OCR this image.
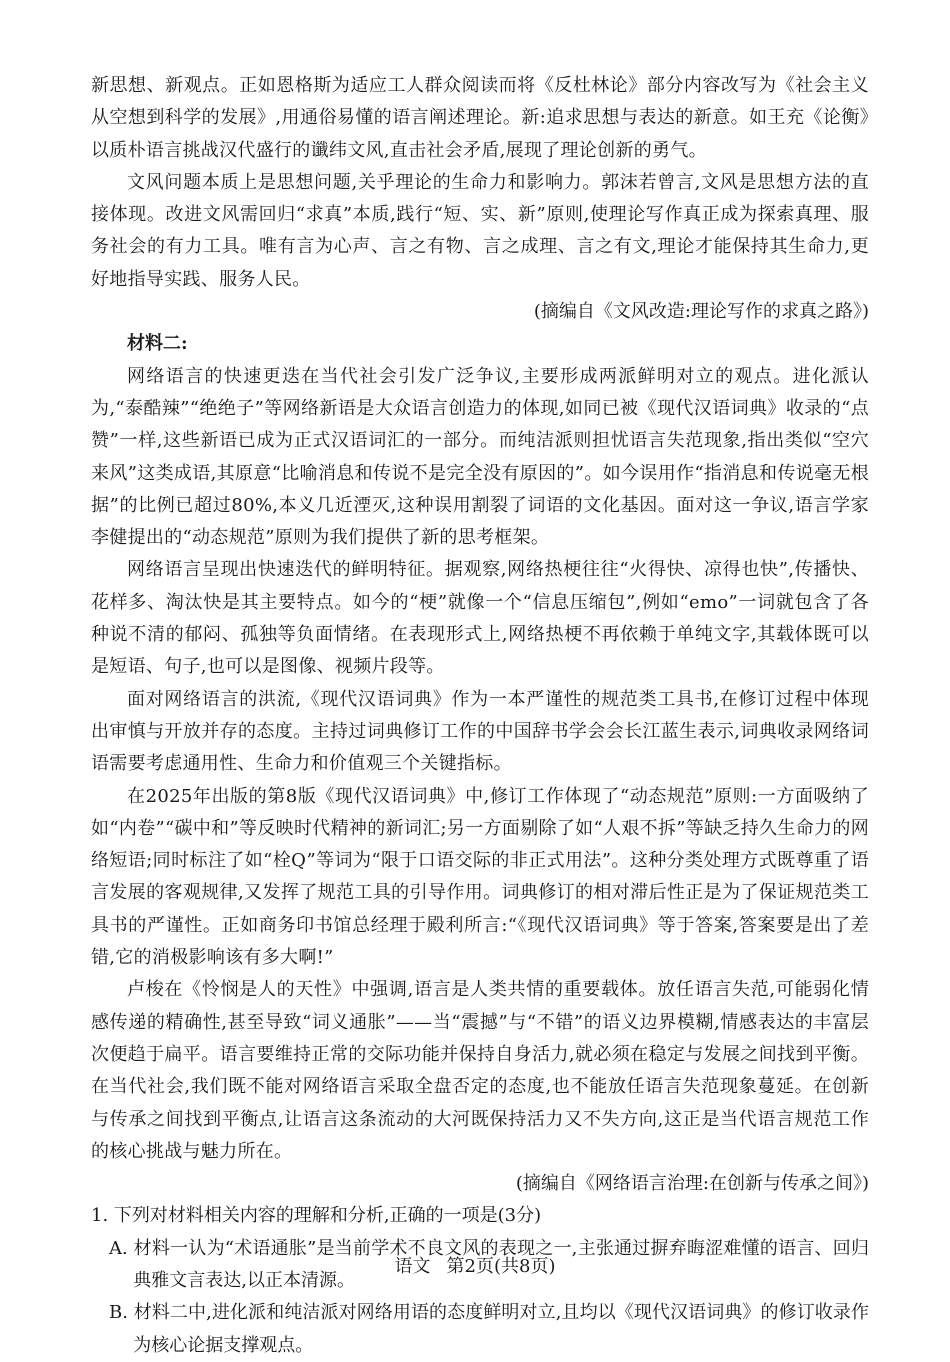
新思想、新观点。正如恩格斯为适应工人群众阅读而将《反杜林论》部分内容改写为《社会主义从空想到科学的发展》,用通俗易懂的语言阐述理论。新:追求思想与表达的新意。如王充《论衡》以质朴语言挑战汉代盛行的谶纬文风,直击社会矛盾,展现了理论创新的勇气。

文风问题本质上是思想问题,关乎理论的生命力和影响力。郭沫若曾言,文风是思想方法的直接体现。改进文风需回归“求真”本质,践行“短、实、新”原则,使理论写作真正成为探索真理、服务社会的有力工具。唯有言为心声、言之有物、言之成理、言之有文,理论才能保持其生命力,更好地指导实践、服务人民。

(摘编自《文风改造:理论写作的求真之路》)

材料二:

网络语言的快速更迭在当代社会引发广泛争议,主要形成两派鲜明对立的观点。进化派认为,“泰酷辣”“绝绝子”等网络新语是大众语言创造力的体现,如同已被《现代汉语词典》收录的“点赞”一样,这些新语已成为正式汉语词汇的一部分。而纯洁派则担忧语言失范现象,指出类似“空穴来风”这类成语,其原意“比喻消息和传说不是完全没有原因的”。如今误用作“指消息和传说毫无根据”的比例已超过80%,本义几近湮灭,这种误用割裂了词语的文化基因。面对这一争议,语言学家李健提出的“动态规范”原则为我们提供了新的思考框架。

网络语言呈现出快速迭代的鲜明特征。据观察,网络热梗往往“火得快、凉得也快”,传播快、花样多、淘汰快是其主要特点。如今的“梗”就像一个“信息压缩包”,例如“emo”一词就包含了各种说不清的郁闷、孤独等负面情绪。在表现形式上,网络热梗不再依赖于单纯文字,其载体既可以是短语、句子,也可以是图像、视频片段等。

面对网络语言的洪流,《现代汉语词典》作为一本严谨性的规范类工具书,在修订过程中体现出审慎与开放并存的态度。主持过词典修订工作的中国辞书学会会长江蓝生表示,词典收录网络词语需要考虑通用性、生命力和价值观三个关键指标。

在2025年出版的第8版《现代汉语词典》中,修订工作体现了“动态规范”原则:一方面吸纳了如“内卷”“碳中和”等反映时代精神的新词汇;另一方面剔除了如“人艰不拆”等缺乏持久生命力的网络短语;同时标注了如“栓Q”等词为“限于口语交际的非正式用法”。这种分类处理方式既尊重了语言发展的客观规律,又发挥了规范工具的引导作用。词典修订的相对滞后性正是为了保证规范类工具书的严谨性。正如商务印书馆总经理于殿利所言:“《现代汉语词典》等于答案,答案要是出了差错,它的消极影响该有多大啊!”

卢梭在《怜悯是人的天性》中强调,语言是人类共情的重要载体。放任语言失范,可能弱化情感传递的精确性,甚至导致“词义通胀”——当“震撼”与“不错”的语义边界模糊,情感表达的丰富层次便趋于扁平。语言要维持正常的交际功能并保持自身活力,就必须在稳定与发展之间找到平衡。在当代社会,我们既不能对网络语言采取全盘否定的态度,也不能放任语言失范现象蔓延。在创新与传承之间找到平衡点,让语言这条流动的大河既保持活力又不失方向,这正是当代语言规范工作的核心挑战与魅力所在。

(摘编自《网络语言治理:在创新与传承之间》)

1. 下列对材料相关内容的理解和分析,正确的一项是(3分)

A. 材料一认为“术语通胀”是当前学术不良文风的表现之一,主张通过摒弃晦涩难懂的语言、回归典雅文言表达,以正本清源。
B. 材料二中,进化派和纯洁派对网络用语的态度鲜明对立,且均以《现代汉语词典》的修订收录作为核心论据支撑观点。
语文 第2页(共8页)
